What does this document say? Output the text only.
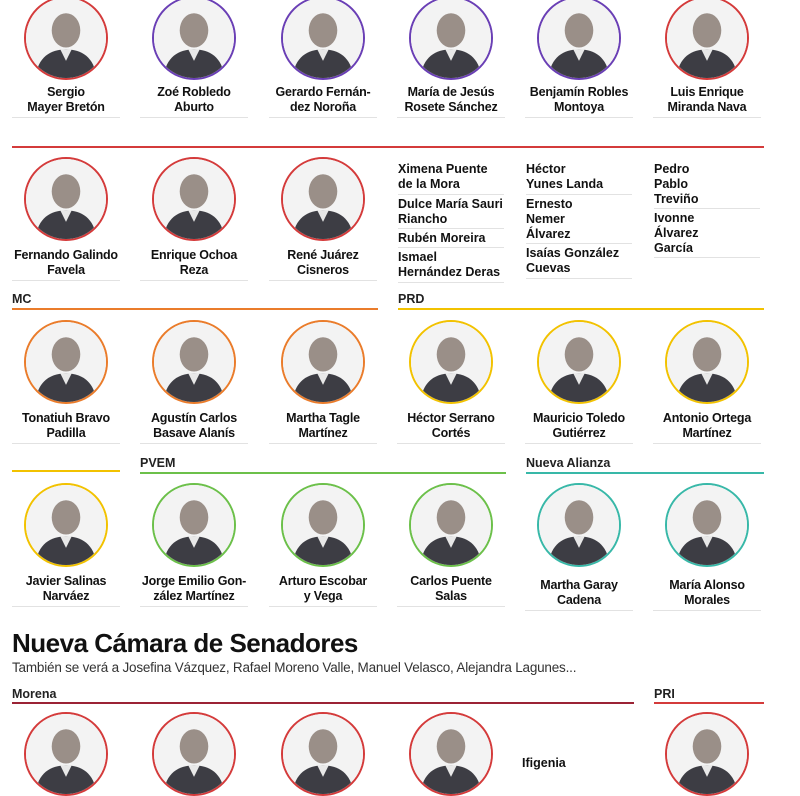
Sergio
Mayer Bretón
Zoé Robledo
Aburto
Gerardo Fernán-
dez Noroña
María de Jesús
Rosete Sánchez
Benjamín Robles
Montoya
Luis Enrique
Miranda Nava
Fernando Galindo
Favela
Enrique Ochoa
Reza
René Juárez
Cisneros
Ximena Puente
de la Mora
Dulce María Sauri
Riancho
Rubén Moreira
Ismael
Hernández Deras
Héctor
Yunes Landa
Ernesto
Nemer
Álvarez
Isaías González
Cuevas
Pedro
Pablo
Treviño
Ivonne
Álvarez
García
MC	PRD
Tonatiuh Bravo
Padilla
Agustín Carlos
Basave Alanís
Martha Tagle
Martínez
Héctor Serrano
Cortés
Mauricio Toledo
Gutiérrez
Antonio Ortega
Martínez
PVEM	Nueva Alianza
Javier Salinas
Narváez
Jorge Emilio Gon-
zález Martínez
Arturo Escobar
y Vega
Carlos Puente
Salas
Martha Garay
Cadena
María Alonso
Morales
Nueva Cámara de Senadores
También se verá a Josefina Vázquez, Rafael Moreno Valle, Manuel Velasco, Alejandra Lagunes...
Morena	PRI
Ifigenia
